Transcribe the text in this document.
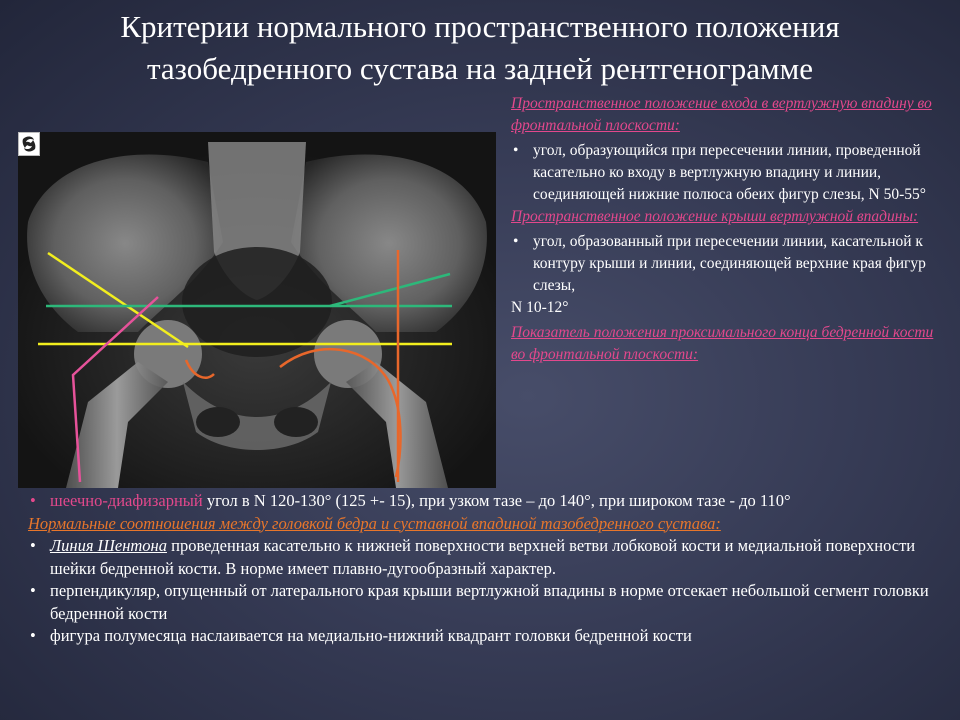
Критерии нормального пространственного положения
тазобедренного сустава на задней рентгенограмме
Пространственное положение входа в вертлужную впадину во фронтальной плоскости:
• угол, образующийся при пересечении линии, проведенной касательно ко входу в вертлужную впадину и линии, соединяющей нижние полюса обеих фигур слезы, N 50-55°
Пространственное положение крыши вертлужной впадины:
• угол, образованный при пересечении линии, касательной к контуру крыши и линии, соединяющей верхние края фигур слезы,
N 10-12°
Показатель положения проксимального конца бедренной кости во фронтальной плоскости:
• шеечно-диафизарный угол в N 120-130° (125 +- 15), при узком тазе – до 140°, при широком тазе - до 110°
Нормальные соотношения между головкой бедра и суставной впадиной тазобедренного сустава:
• Линия Шентона проведенная касательно к нижней поверхности верхней ветви лобковой кости и медиальной поверхности шейки бедренной кости. В норме имеет плавно-дугообразный характер.
• перпендикуляр, опущенный от латерального края крыши вертлужной впадины в норме отсекает небольшой сегмент головки бедренной кости
• фигура полумесяца наслаивается на медиально-нижний квадрант головки бедренной кости
